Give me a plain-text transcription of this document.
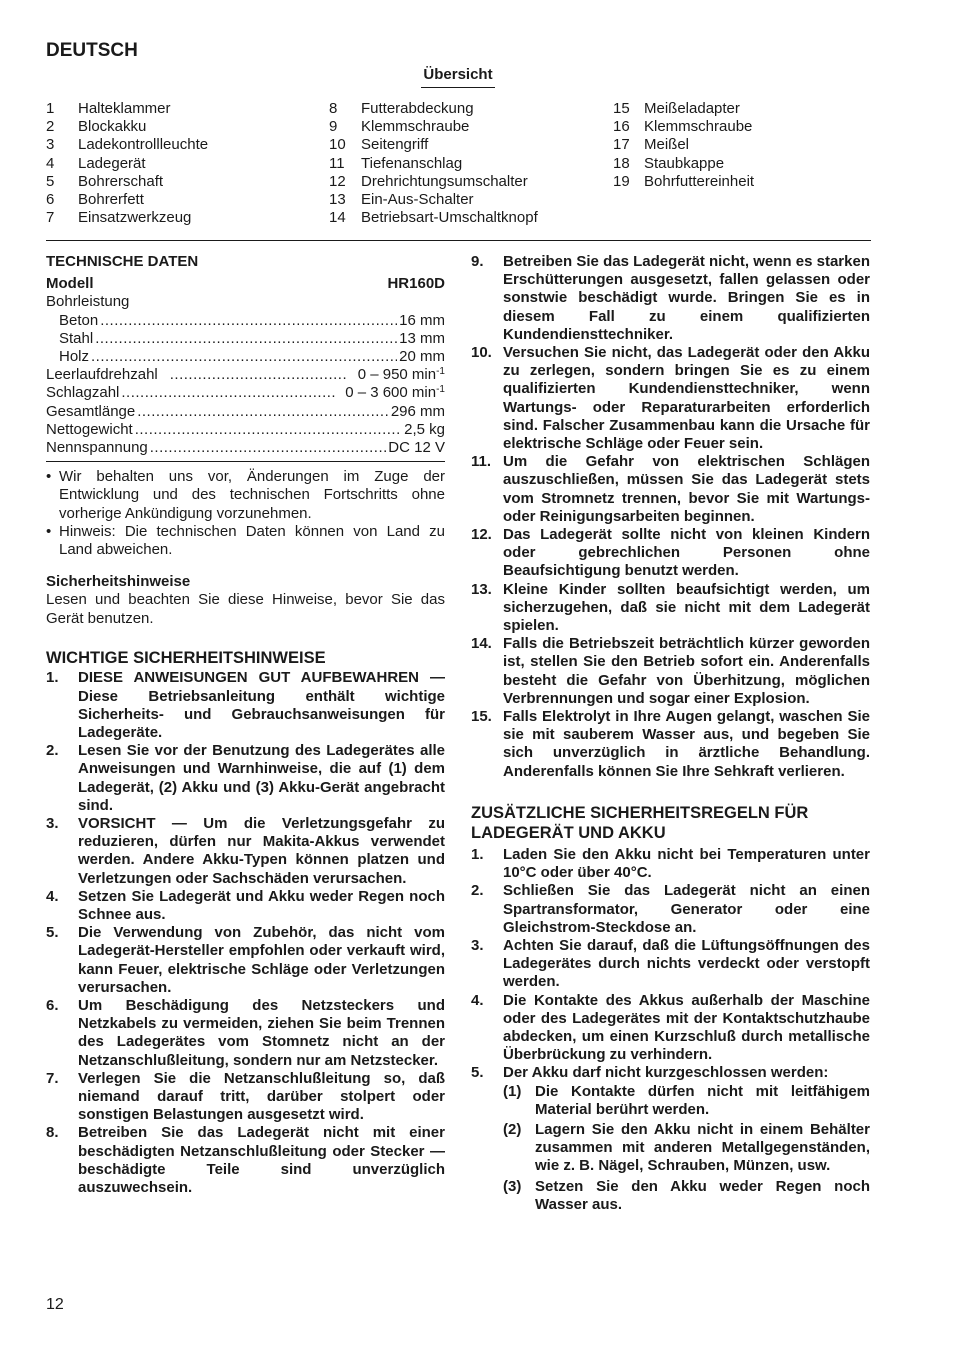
DEUTSCH
Übersicht
1	Halteklammer
2	Blockakku
3	Ladekontrollleuchte
4	Ladegerät
5	Bohrerschaft
6	Bohrerfett
7	Einsatzwerkzeug
8	Futterabdeckung
9	Klemmschraube
10	Seitengriff
11	Tiefenanschlag
12	Drehrichtungsumschalter
13	Ein-Aus-Schalter
14	Betriebsart-Umschaltknopf
15 Meißeladapter
16 Klemmschraube
17 Meißel
18 Staubkappe
19 Bohrfuttereinheit
TECHNISCHE DATEN
Modell	HR160D
Bohrleistung
Beton .....	16 mm
Stahl .....	13 mm
Holz .....	20 mm
Leerlaufdrehzahl .....	0 – 950 $\min^{-1}$
Schlagzahl .....	0 – 3 600 $\min^{-1}$
Gesamtlänge .....	296 mm
Nettogewicht .....	2,5 kg
Nennspannung .....	DC 12 V
• Wir behalten uns vor, Änderungen im Zuge der Entwicklung und des technischen Fortschritts ohne vorherige Ankündigung vorzunehmen.
• Hinweis: Die technischen Daten können von Land zu Land abweichen.
Sicherheitshinweise

Lesen und beachten Sie diese Hinweise, bevor Sie das Gerät benutzen.

WICHTIGE SICHERHEITSHINWEISE
1.	DIESE ANWEISUNGEN GUT AUFBEWAHREN — Diese Betriebsanleitung enthält wichtige Sicherheits- und Gebrauchsanweisungen für Ladegeräte.
2.	Lesen Sie vor der Benutzung des Ladegerätes alle Anweisungen und Warnhinweise, die auf (1) dem Ladegerät, (2) Akku und (3) Akku-Gerät angebracht sind.
3.	VORSICHT — Um die Verletzungsgefahr zu reduzieren, dürfen nur Makita-Akkus verwendet werden. Andere Akku-Typen können platzen und Verletzungen oder Sachschäden verursachen.
4.	Setzen Sie Ladegerät und Akku weder Regen noch Schnee aus.
5.	Die Verwendung von Zubehör, das nicht vom Ladegerät-Hersteller empfohlen oder verkauft wird, kann Feuer, elektrische Schläge oder Verletzungen verursachen.
6.	Um Beschädigung des Netzsteckers und Netzkabels zu vermeiden, ziehen Sie beim Trennen des Ladegerätes vom Stomnetz nicht an der Netzanschlußleitung, sondern nur am Netzstecker.
7.	Verlegen Sie die Netzanschlußleitung so, daß niemand darauf tritt, darüber stolpert oder sonstigen Belastungen ausgesetzt wird.
8.	Betreiben Sie das Ladegerät nicht mit einer beschädigten Netzanschlußleitung oder Stecker — beschädigte Teile sind unverzüglich auszuwechsein.
9.	Betreiben Sie das Ladegerät nicht, wenn es starken Erschütterungen ausgesetzt, fallen gelassen oder sonstwie beschädigt wurde. Bringen Sie es in diesem Fall zu einem qualifizierten Kundendiensttechniker.
10. Versuchen Sie nicht, das Ladegerät oder den Akku zu zerlegen, sondern bringen Sie es zu einem qualifizierten Kundendiensttechniker, wenn Wartungs- oder Reparaturarbeiten erforderlich sind. Falscher Zusammenbau kann die Ursache für elektrische Schläge oder Feuer sein.
11. Um die Gefahr von elektrischen Schlägen auszuschließen, müssen Sie das Ladegerät stets vom Stromnetz trennen, bevor Sie mit Wartungs- oder Reinigungsarbeiten beginnen.
12. Das Ladegerät sollte nicht von kleinen Kindern oder gebrechlichen Personen ohne Beaufsichtigung benutzt werden.
13. Kleine Kinder sollten beaufsichtigt werden, um sicherzugehen, daß sie nicht mit dem Ladegerät spielen.
14. Falls die Betriebszeit beträchtlich kürzer geworden ist, stellen Sie den Betrieb sofort ein. Anderenfalls besteht die Gefahr von Überhitzung, möglichen Verbrennungen und sogar einer Explosion.
15. Falls Elektrolyt in Ihre Augen gelangt, waschen Sie sie mit sauberem Wasser aus, und begeben Sie sich unverzüglich in ärztliche Behandlung. Anderenfalls können Sie Ihre Sehkraft verlieren.
ZUSÄTZLICHE SICHERHEITSREGELN FÜR
LADEGERÄT UND AKKU
1.	Laden Sie den Akku nicht bei Temperaturen unter 10°C oder über 40°C.
2.	Schließen Sie das Ladegerät nicht an einen Spartransformator, Generator oder eine Gleichstrom-Steckdose an.
3.	Achten Sie darauf, daß die Lüftungsöffnungen des Ladegerätes durch nichts verdeckt oder verstopft werden.
4.	Die Kontakte des Akkus außerhalb der Maschine oder des Ladegerätes mit der Kontaktschutzhaube abdecken, um einen Kurzschluß durch metallische Überbrückung zu verhindern.
5.	Der Akku darf nicht kurzgeschlossen werden:
(1) Die Kontakte dürfen nicht mit leitfähigem Material berührt werden.
(2) Lagern Sie den Akku nicht in einem Behälter zusammen mit anderen Metallgegenständen, wie z. B. Nägel, Schrauben, Münzen, usw.
(3) Setzen Sie den Akku weder Regen noch Wasser aus.
12
